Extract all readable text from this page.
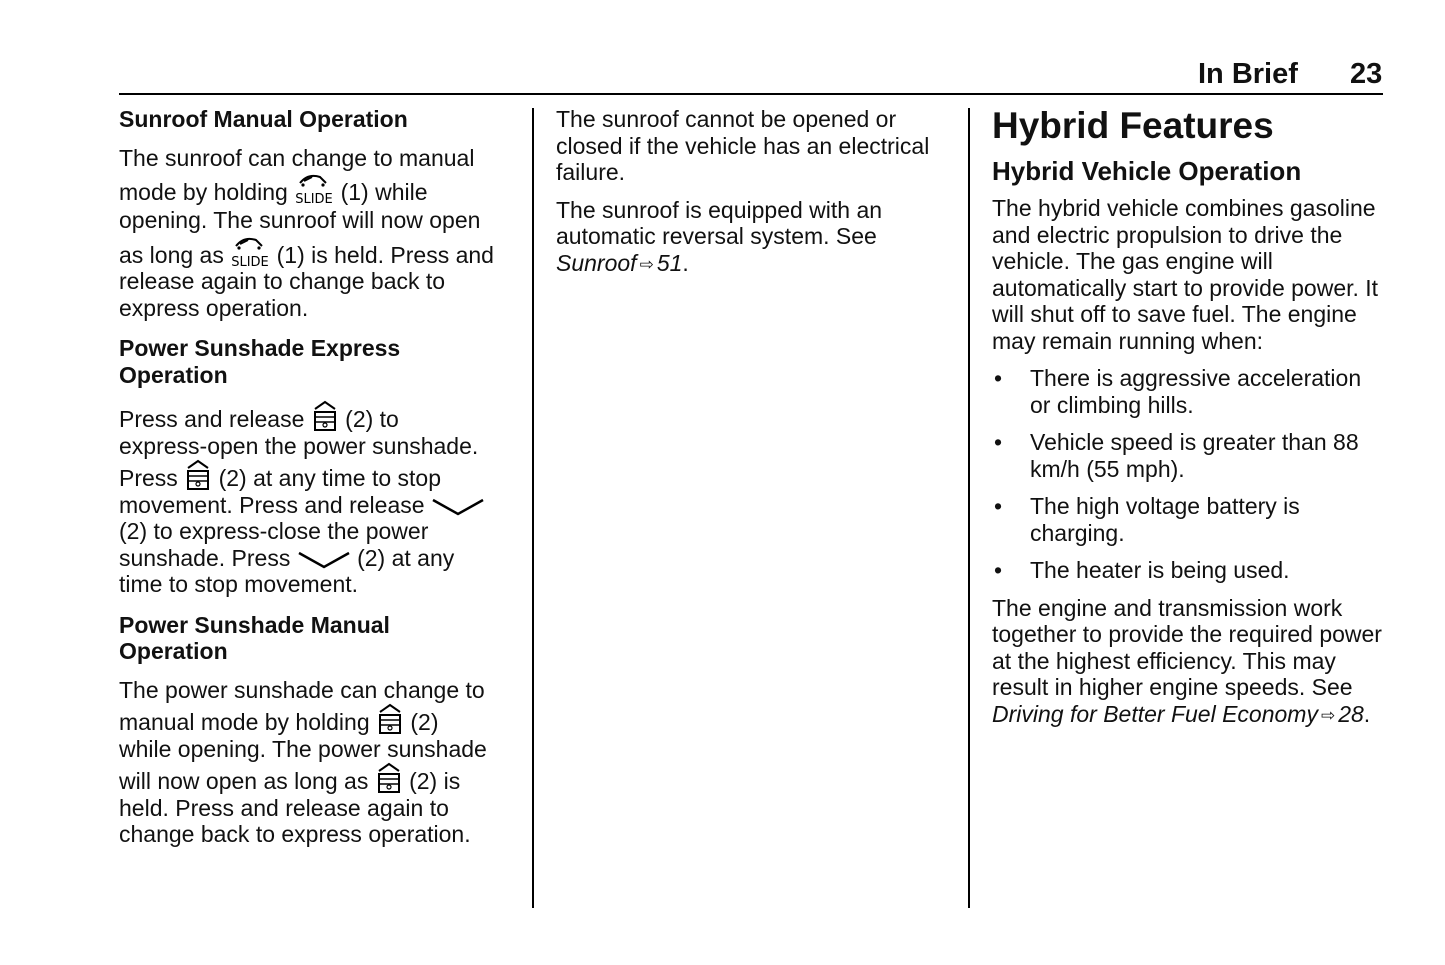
In Brief 23
Sunroof Manual Operation

The sunroof can change to manual
mode by holding SLIDE (1) while
opening. The sunroof will now open
as long as SLIDE (1) is held. Press and
release again to change back to
express operation.

Power Sunshade Express
Operation

Press and release (2) to
express-open the power sunshade.
Press (2) at any time to stop
movement. Press and release
(2) to express-close the power
sunshade. Press	(2) at any
time to stop movement.

Power Sunshade Manual
Operation

The power sunshade can change to
manual mode by holding (2)
while opening. The power sunshade
will now open as long as (2) is
held. Press and release again to
change back to express operation.

The sunroof cannot be opened or closed if the vehicle has an electrical failure.

The sunroof is equipped with an automatic reversal system. See Sunroof ⇨ 51.

Hybrid Features
Hybrid Vehicle Operation

The hybrid vehicle combines gasoline and electric propulsion to drive the vehicle. The gas engine will automatically start to provide power. It will shut off to save fuel. The engine may remain running when:

• There is aggressive acceleration or climbing hills.
• Vehicle speed is greater than 88 km/h (55 mph).
• The high voltage battery is charging.
• The heater is being used.

The engine and transmission work together to provide the required power at the highest efficiency. This may result in higher engine speeds. See Driving for Better Fuel Economy ⇨ 28.
